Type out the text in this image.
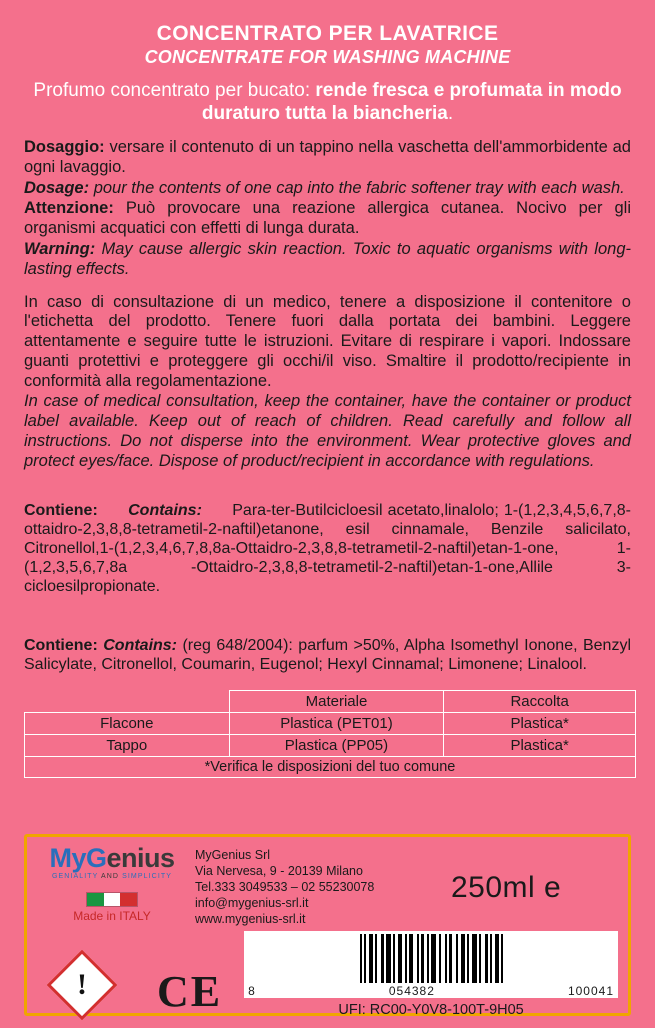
CONCENTRATO PER LAVATRICE
CONCENTRATE FOR WASHING MACHINE
Profumo concentrato per bucato: rende fresca e profumata in modo duraturo tutta la biancheria.

Dosaggio: versare il contenuto di un tappino nella vaschetta dell'ammorbidente ad ogni lavaggio.

Dosage: pour the contents of one cap into the fabric softener tray with each wash.

Attenzione: Può provocare una reazione allergica cutanea. Nocivo per gli organismi acquatici con effetti di lunga durata.

Warning: May cause allergic skin reaction. Toxic to aquatic organisms with long-lasting effects.

In caso di consultazione di un medico, tenere a disposizione il contenitore o l'etichetta del prodotto. Tenere fuori dalla portata dei bambini. Leggere attentamente e seguire tutte le istruzioni. Evitare di respirare i vapori. Indossare guanti protettivi e proteggere gli occhi/il viso. Smaltire il prodotto/recipiente in conformità alla regolamentazione.

In case of medical consultation, keep the container, have the container or product label available. Keep out of reach of children. Read carefully and follow all instructions. Do not disperse into the environment. Wear protective gloves and protect eyes/face. Dispose of product/recipient in accordance with regulations.

Contiene: Contains: Para-ter-Butilcicloesil acetato,linalolo; 1-(1,2,3,4,5,6,7,8-ottaidro-2,3,8,8-tetrametil-2-naftil)etanone, esil cinnamale, Benzile salicilato, Citronellol,1-(1,2,3,4,6,7,8,8a-Ottaidro-2,3,8,8-tetrametil-2-naftil)etan-1-one, 1-(1,2,3,5,6,7,8a -Ottaidro-2,3,8,8-tetrametil-2-naftil)etan-1-one,Allile 3-cicloesilpropionate.

Contiene: Contains: (reg 648/2004): parfum >50%, Alpha Isomethyl Ionone, Benzyl Salicylate, Citronellol, Coumarin, Eugenol; Hexyl Cinnamal; Limonene; Linalool.

	Materiale	Raccolta
Flacone	Plastica (PET01)	Plastica*
Tappo	Plastica (PP05)	Plastica*
*Verifica le disposizioni del tuo comune		
MyGenius
GENIALITY AND SIMPLICITY
Made in ITALY
MyGenius Srl
Via Nervesa, 9 - 20139 Milano
Tel.333 3049533 – 02 55230078
info@mygenius-srl.it
www.mygenius-srl.it
250ml e
!	CE 8	054382	100041
UFI: RC00-Y0V8-100T-9H05
